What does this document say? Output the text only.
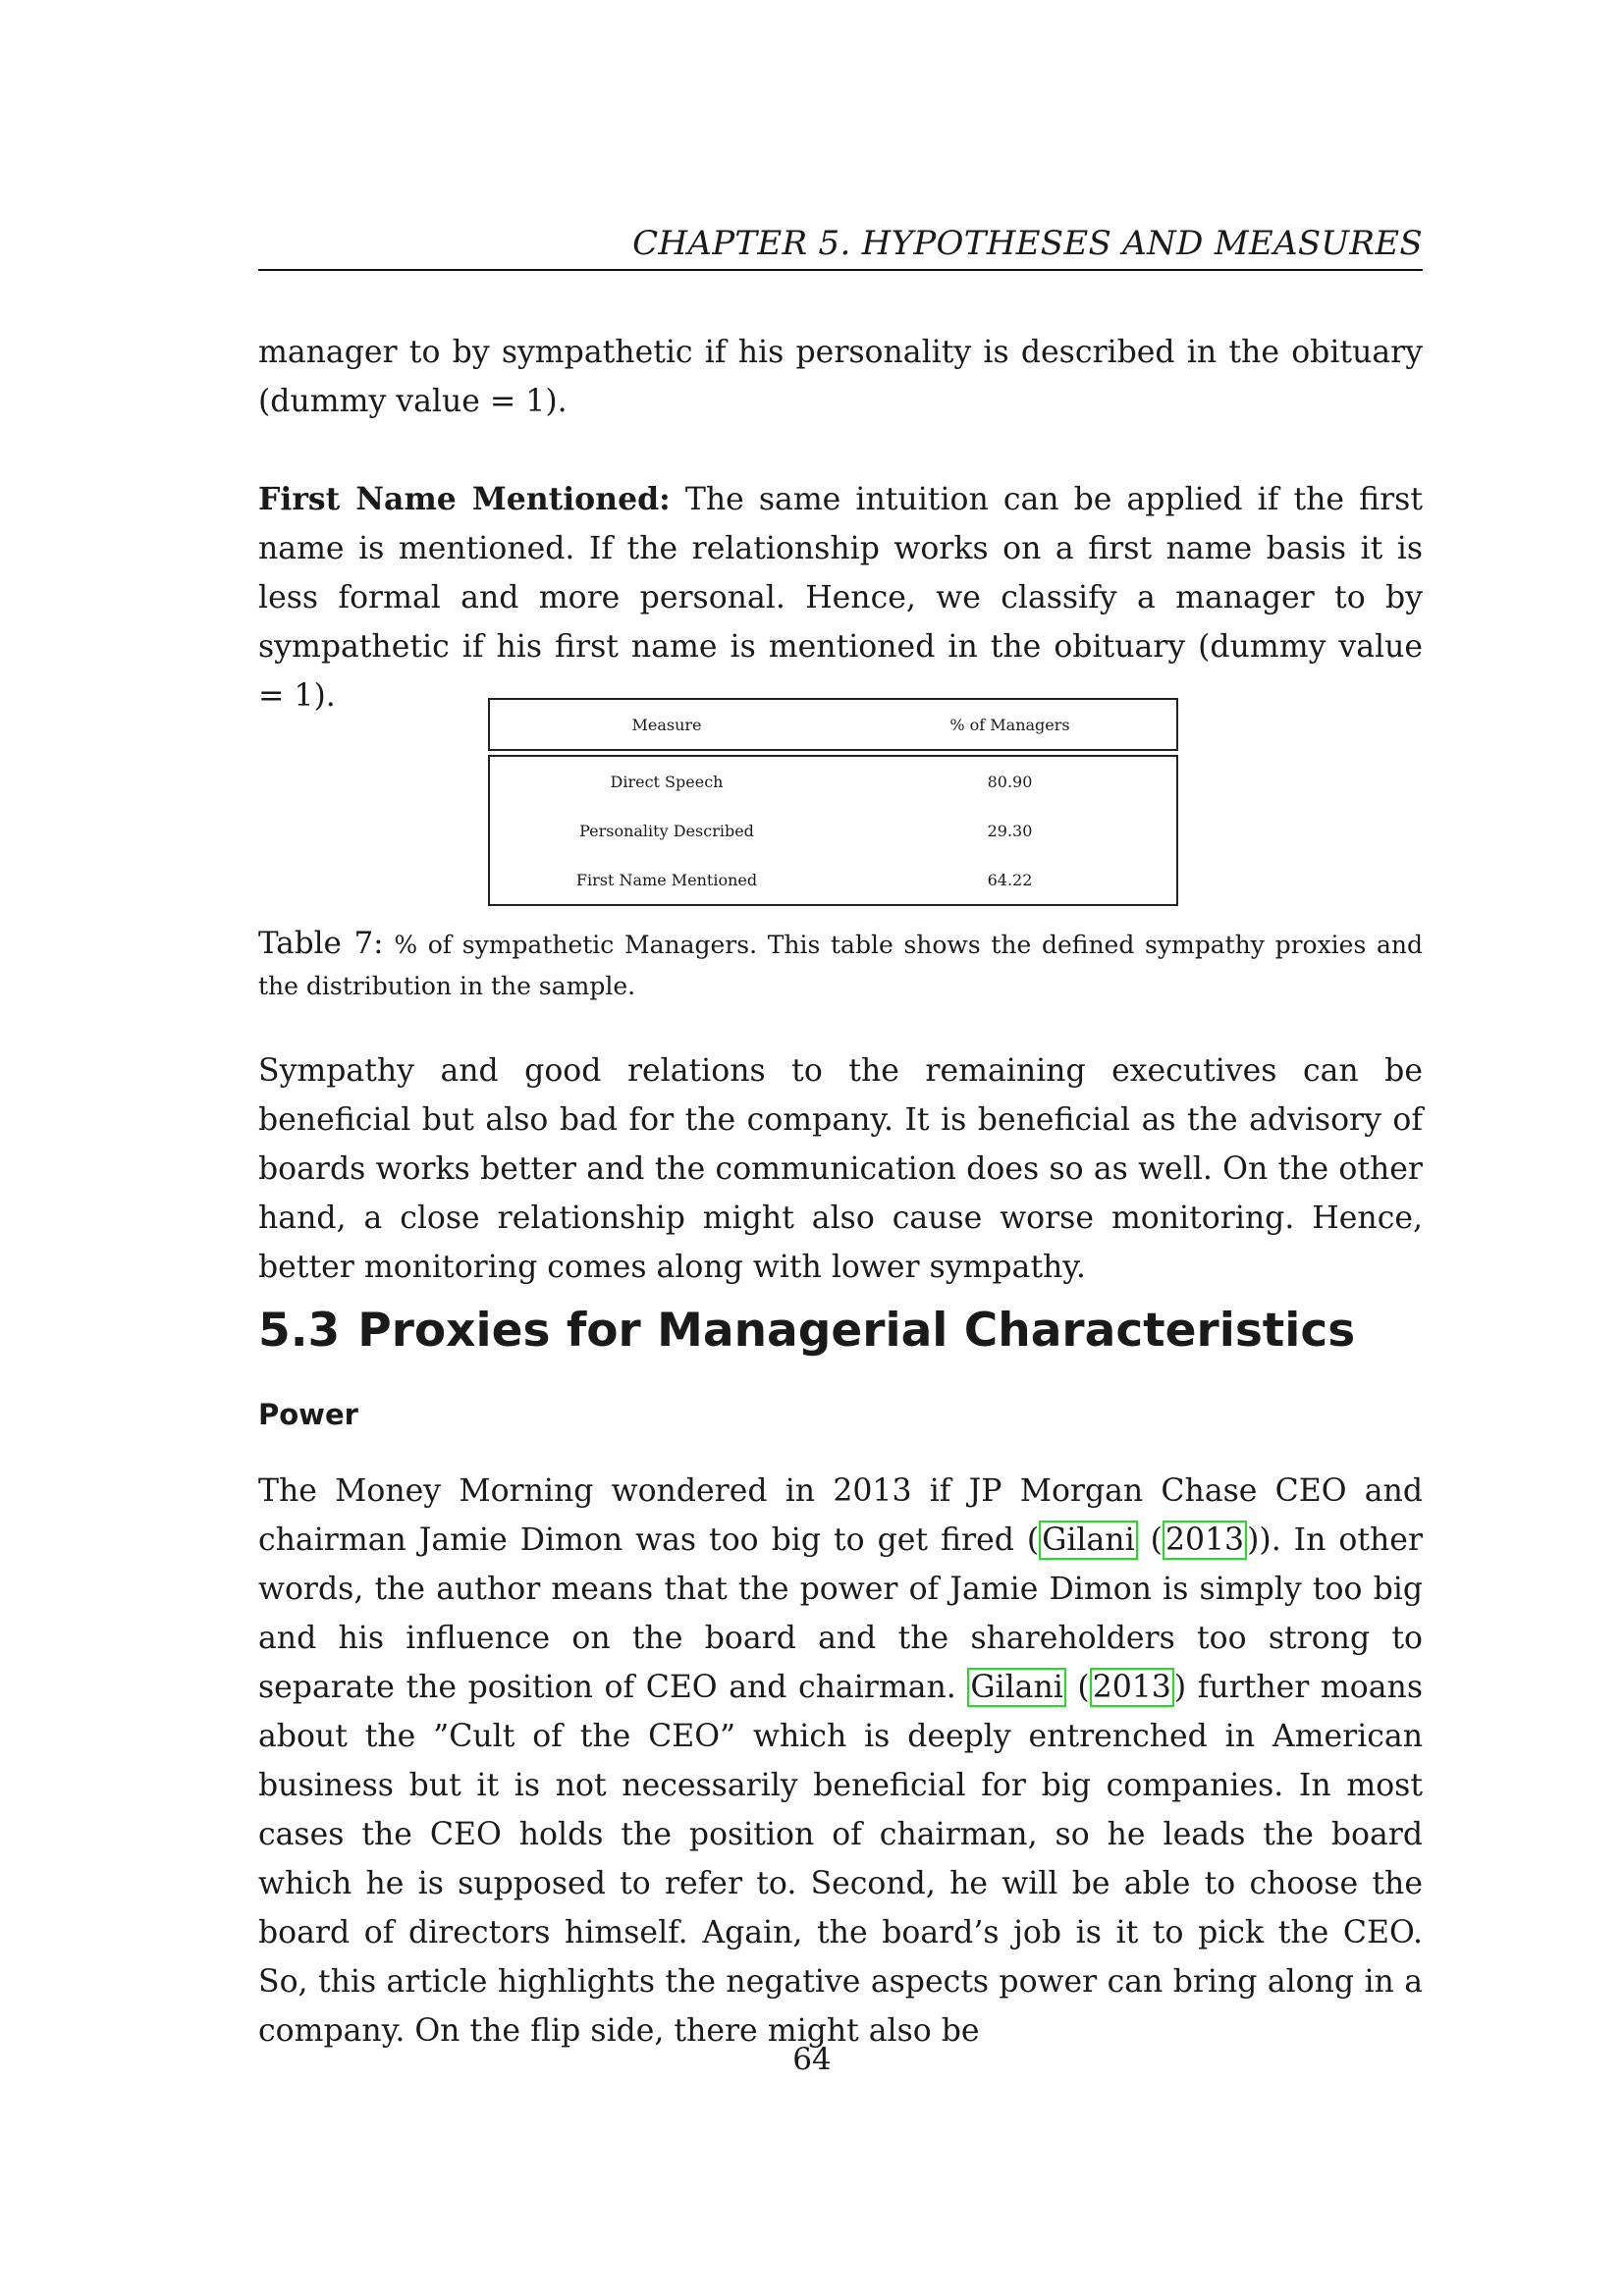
CHAPTER 5. HYPOTHESES AND MEASURES

manager to by sympathetic if his personality is described in the obituary (dummy value = 1).

First Name Mentioned: The same intuition can be applied if the first name is mentioned. If the relationship works on a first name basis it is less formal and more personal. Hence, we classify a manager to by sympathetic if his first name is mentioned in the obituary (dummy value = 1).

Measure	% of Managers
Direct Speech	80.90
Personality Described	29.30
First Name Mentioned	64.22

Table 7: % of sympathetic Managers. This table shows the defined sympathy proxies and the distribution in the sample.

Sympathy and good relations to the remaining executives can be beneficial but also bad for the company. It is beneficial as the advisory of boards works better and the communication does so as well. On the other hand, a close relationship might also cause worse monitoring. Hence, better monitoring comes along with lower sympathy.

5.3 Proxies for Managerial Characteristics
Power

The Money Morning wondered in 2013 if JP Morgan Chase CEO and chairman Jamie Dimon was too big to get fired (Gilani (2013)). In other words, the author means that the power of Jamie Dimon is simply too big and his influence on the board and the shareholders too strong to separate the position of CEO and chairman. Gilani (2013) further moans about the ”Cult of the CEO” which is deeply entrenched in American business but it is not necessarily beneficial for big companies. In most cases the CEO holds the position of chairman, so he leads the board which he is supposed to refer to. Second, he will be able to choose the board of directors himself. Again, the board’s job is it to pick the CEO. So, this article highlights the negative aspects power can bring along in a company. On the flip side, there might also be

64
